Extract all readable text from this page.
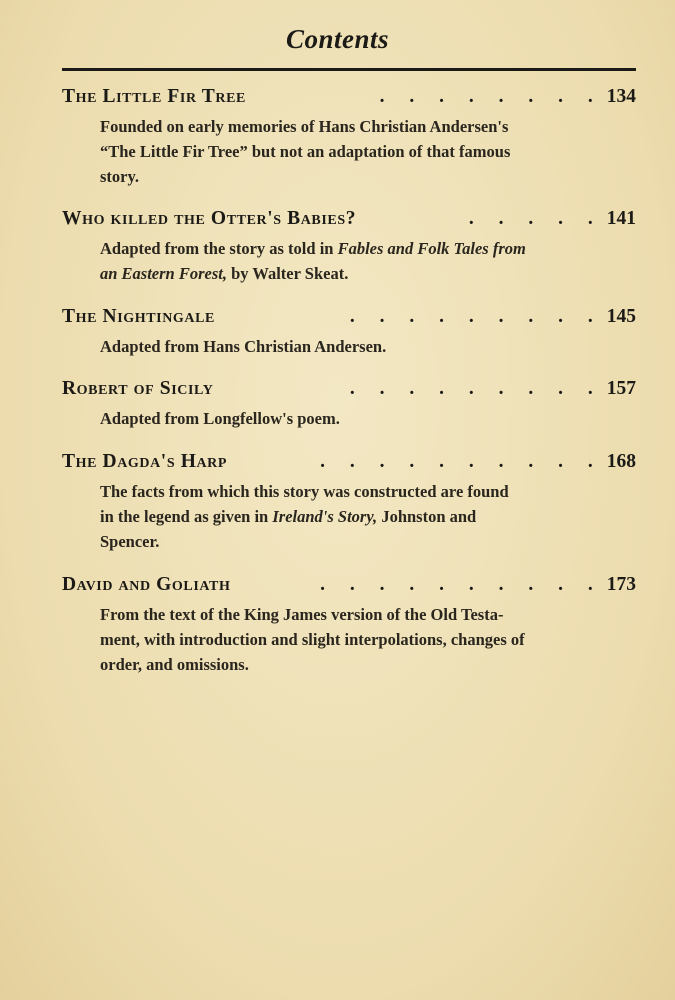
Contents
The Little Fir Tree	. . . . . . . . 134
Founded on early memories of Hans Christian Andersen's
“The Little Fir Tree” but not an adaptation of that famous
story.
Who killed the Otter's Babies?	. . . . . 141
Adapted from the story as told in Fables and Folk Tales from
an Eastern Forest, by Walter Skeat.
The Nightingale	. . . . . . . . . 145
Adapted from Hans Christian Andersen.
Robert of Sicily	. . . . . . . . . 157
Adapted from Longfellow's poem.
The Dagda's Harp	. . . . . . . . . . 168
The facts from which this story was constructed are found
in the legend as given in Ireland's Story, Johnston and
Spencer.
David and Goliath	. . . . . . . . . . 173
From the text of the King James version of the Old Testa-
ment, with introduction and slight interpolations, changes of
order, and omissions.
